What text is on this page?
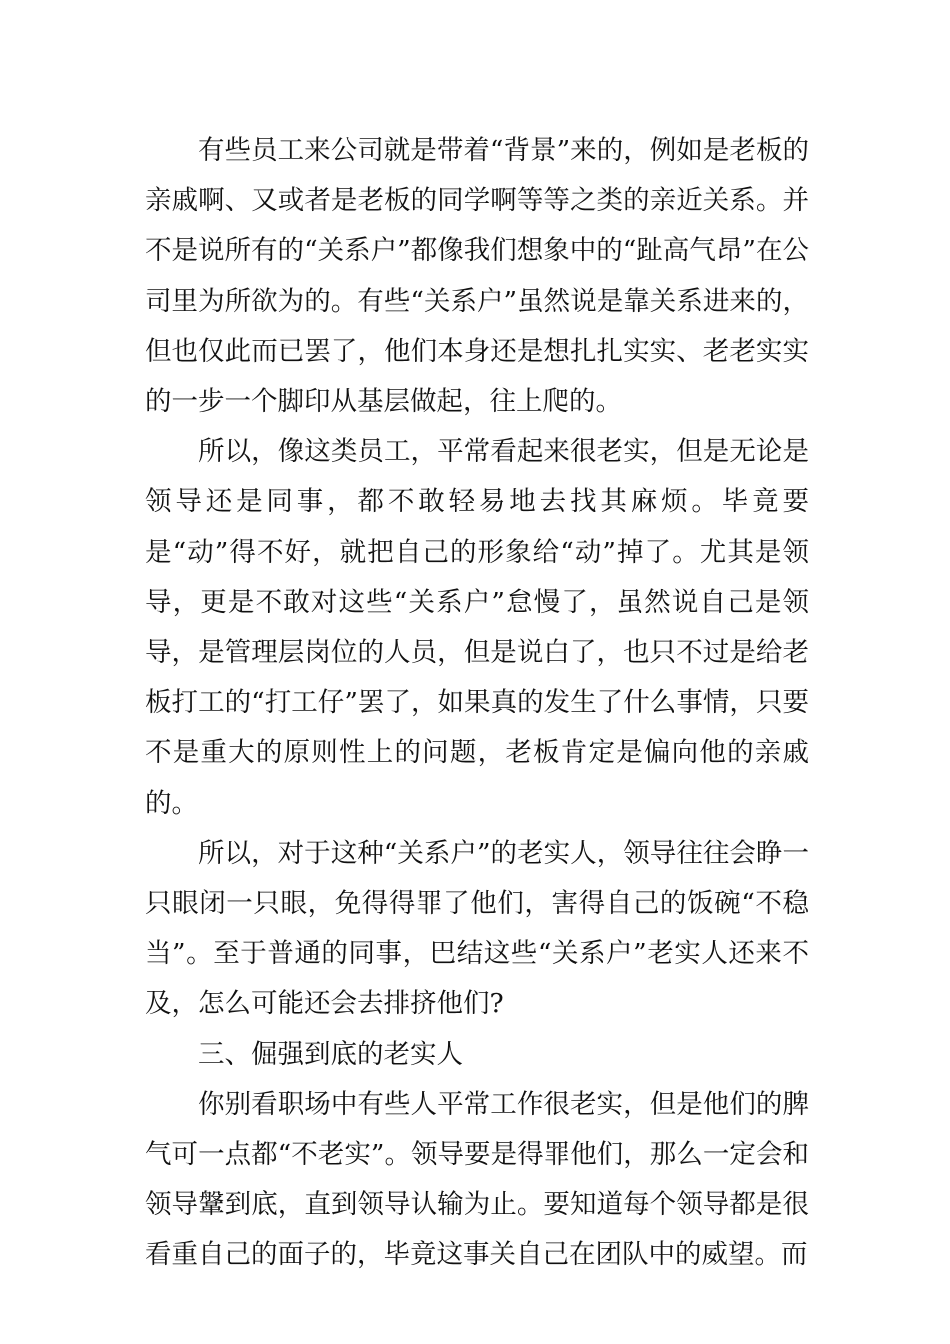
有些员工来公司就是带着“背景”来的，例如是老板的亲戚啊、又或者是老板的同学啊等等之类的亲近关系。并不是说所有的“关系户”都像我们想象中的“趾高气昂”在公司里为所欲为的。有些“关系户”虽然说是靠关系进来的，但也仅此而已罢了，他们本身还是想扎扎实实、老老实实的一步一个脚印从基层做起，往上爬的。

所以，像这类员工，平常看起来很老实，但是无论是领导还是同事，都不敢轻易地去找其麻烦。毕竟要是“动”得不好，就把自己的形象给“动”掉了。尤其是领导，更是不敢对这些“关系户”怠慢了，虽然说自己是领导，是管理层岗位的人员，但是说白了，也只不过是给老板打工的“打工仔”罢了，如果真的发生了什么事情，只要不是重大的原则性上的问题，老板肯定是偏向他的亲戚的。

所以，对于这种“关系户”的老实人，领导往往会睁一只眼闭一只眼，免得得罪了他们，害得自己的饭碗“不稳当”。至于普通的同事，巴结这些“关系户”老实人还来不及，怎么可能还会去排挤他们?

三、倔强到底的老实人

你别看职场中有些人平常工作很老实，但是他们的脾气可一点都“不老实”。领导要是得罪他们，那么一定会和领导鞶到底，直到领导认输为止。要知道每个领导都是很看重自己的面子的，毕竟这事关自己在团队中的威望。而
